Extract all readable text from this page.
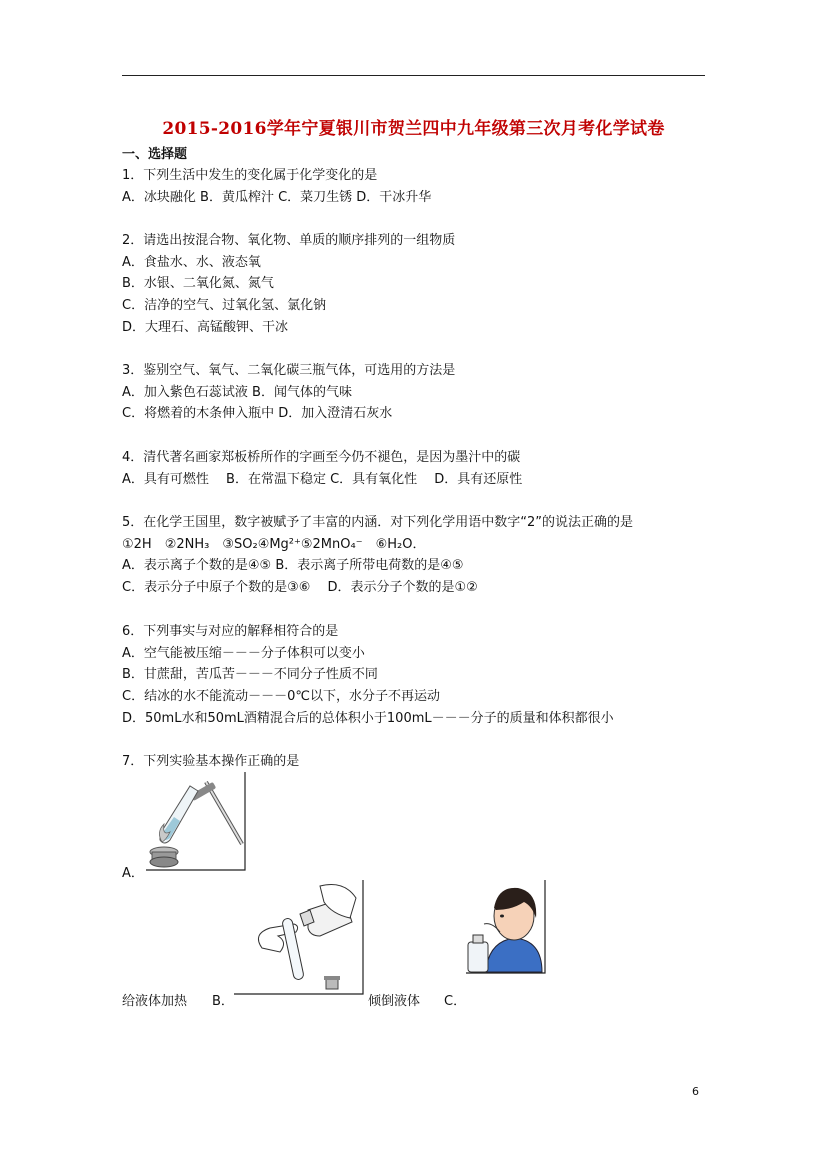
2015-2016学年宁夏银川市贺兰四中九年级第三次月考化学试卷
一、选择题
1．下列生活中发生的变化属于化学变化的是
A．冰块融化 B．黄瓜榨汁 C．菜刀生锈 D．干冰升华
2．请选出按混合物、氧化物、单质的顺序排列的一组物质
A．食盐水、水、液态氧
B．水银、二氧化氮、氮气
C．洁净的空气、过氧化氢、氯化钠
D．大理石、高锰酸钾、干冰
3．鉴别空气、氧气、二氧化碳三瓶气体，可选用的方法是
A．加入紫色石蕊试液 B．闻气体的气味
C．将燃着的木条伸入瓶中 D．加入澄清石灰水
4．清代著名画家郑板桥所作的字画至今仍不褪色，是因为墨汁中的碳
A．具有可燃性　 B．在常温下稳定 C．具有氧化性　 D．具有还原性
5．在化学王国里，数字被赋予了丰富的内涵．对下列化学用语中数字“2”的说法正确的是
①2H　②2NH₃　③SO₂④Mg²⁺⑤2MnO₄⁻　⑥H₂O．
A．表示离子个数的是④⑤ B．表示离子所带电荷数的是④⑤
C．表示分子中原子个数的是③⑥　 D．表示分子个数的是①②
6．下列事实与对应的解释相符合的是
A．空气能被压缩－－－分子体积可以变小
B．甘蔗甜，苦瓜苦－－－不同分子性质不同
C．结冰的水不能流动－－－0℃以下，水分子不再运动
D．50mL水和50mL酒精混合后的总体积小于100mL－－－分子的质量和体积都很小
7．下列实验基本操作正确的是
A．
给液体加热 B．	倾倒液体 C．
6
